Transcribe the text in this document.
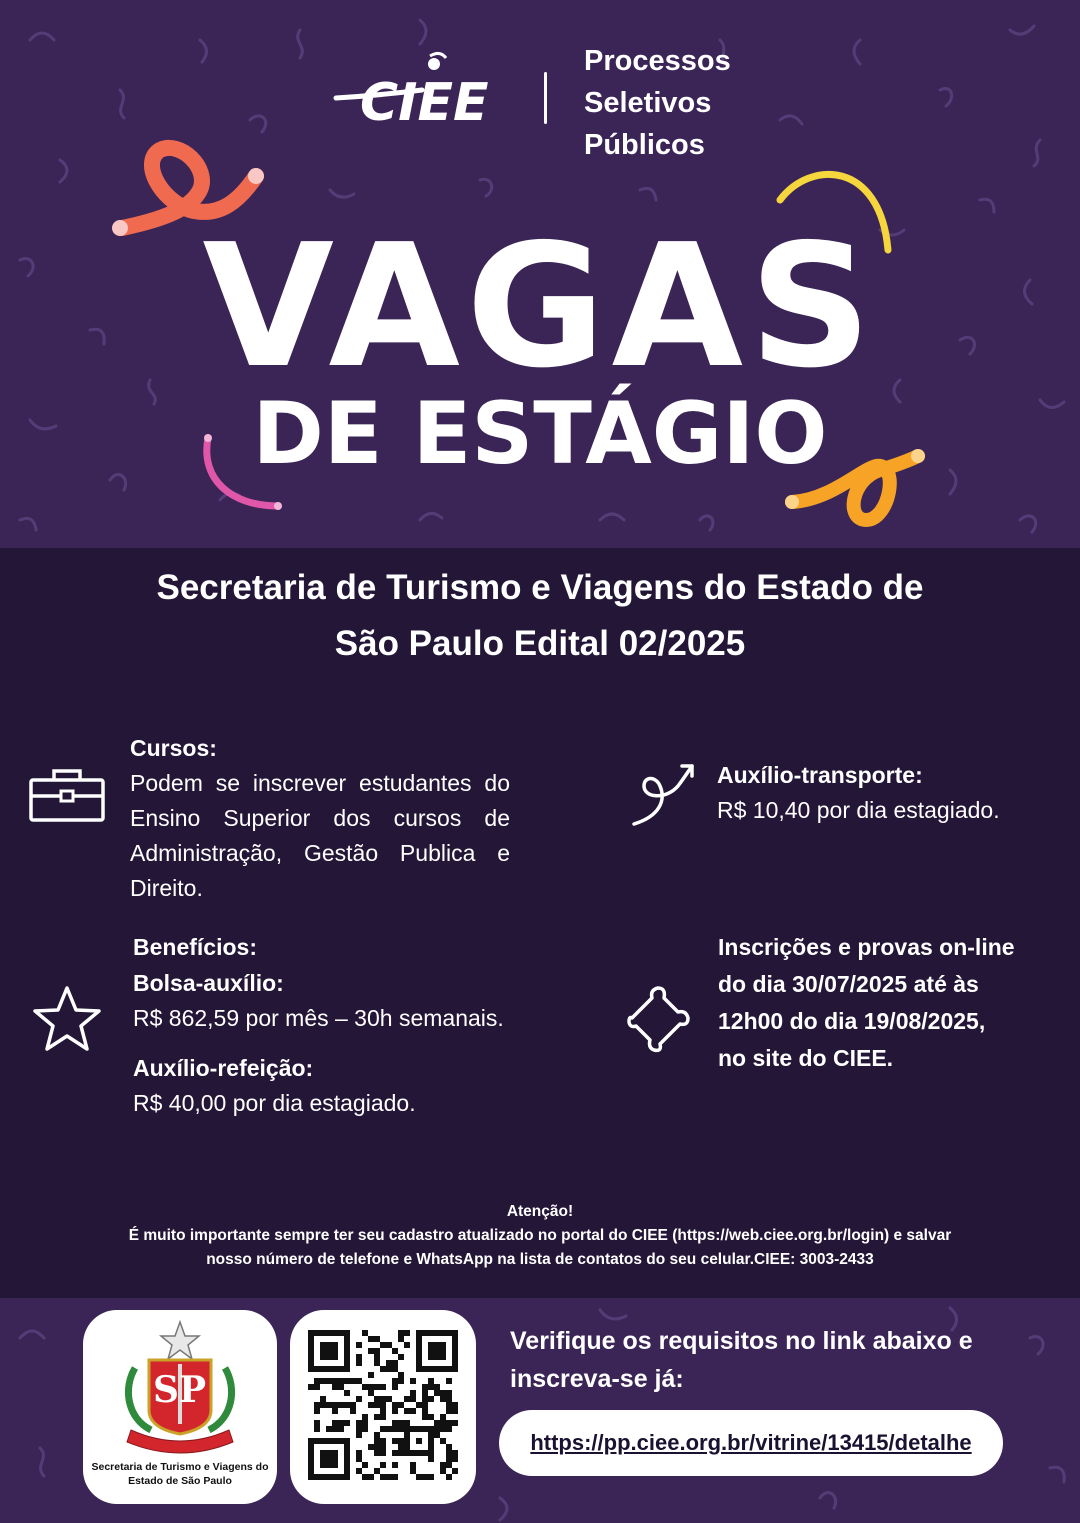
CIEE
Processos
Seletivos
Públicos
VAGAS
DE ESTÁGIO
Secretaria de Turismo e Viagens do Estado de
São Paulo Edital 02/2025
Cursos:
Podem se inscrever estudantes do Ensino Superior dos cursos de Administração, Gestão Publica e Direito.
Auxílio-transporte:
R$ 10,40 por dia estagiado.
Benefícios:
Bolsa-auxílio:
R$ 862,59 por mês – 30h semanais.
Auxílio-refeição:
R$ 40,00 por dia estagiado.
Inscrições e provas on-line
do dia 30/07/2025 até às
12h00 do dia 19/08/2025,
no site do CIEE.
Atenção!
É muito importante sempre ter seu cadastro atualizado no portal do CIEE (https://web.ciee.org.br/login) e salvar
nosso número de telefone e WhatsApp na lista de contatos do seu celular.CIEE: 3003-2433
SP
Secretaria de Turismo e Viagens do
Estado de São Paulo
Verifique os requisitos no link abaixo e
inscreva-se já:
https://pp.ciee.org.br/vitrine/13415/detalhe
